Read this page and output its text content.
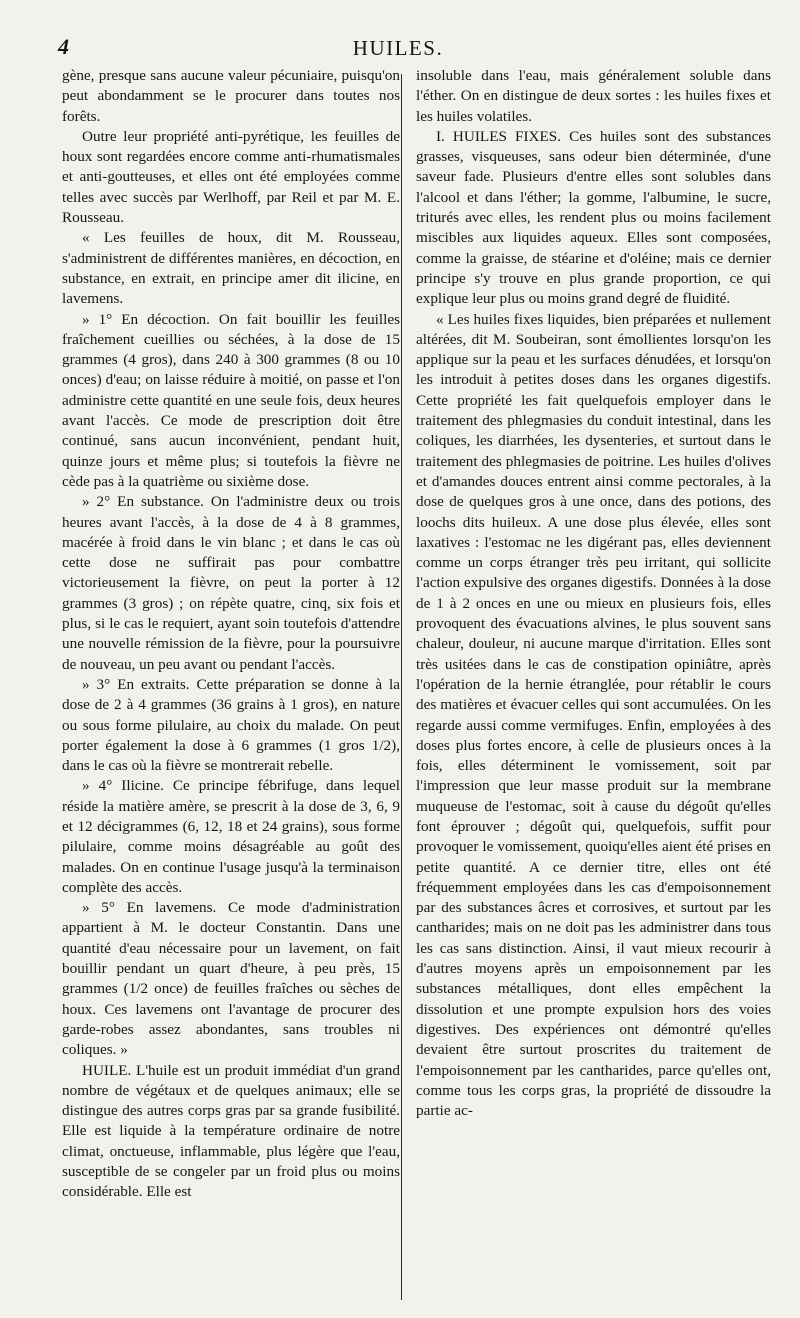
4	HUILES.

gène, presque sans aucune valeur pécuniaire, puisqu'on peut abondamment se le procurer dans toutes nos forêts.

Outre leur propriété anti-pyrétique, les feuilles de houx sont regardées encore comme anti-rhumatismales et anti-goutteuses, et elles ont été employées comme telles avec succès par Werlhoff, par Reil et par M. E. Rousseau.

« Les feuilles de houx, dit M. Rousseau, s'administrent de différentes manières, en décoction, en substance, en extrait, en principe amer dit ilicine, en lavemens.

» 1° En décoction. On fait bouillir les feuilles fraîchement cueillies ou séchées, à la dose de 15 grammes (4 gros), dans 240 à 300 grammes (8 ou 10 onces) d'eau; on laisse réduire à moitié, on passe et l'on administre cette quantité en une seule fois, deux heures avant l'accès. Ce mode de prescription doit être continué, sans aucun inconvénient, pendant huit, quinze jours et même plus; si toutefois la fièvre ne cède pas à la quatrième ou sixième dose.

» 2° En substance. On l'administre deux ou trois heures avant l'accès, à la dose de 4 à 8 grammes, macérée à froid dans le vin blanc ; et dans le cas où cette dose ne suffirait pas pour combattre victorieusement la fièvre, on peut la porter à 12 grammes (3 gros) ; on répète quatre, cinq, six fois et plus, si le cas le requiert, ayant soin toutefois d'attendre une nouvelle rémission de la fièvre, pour la poursuivre de nouveau, un peu avant ou pendant l'accès.

» 3° En extraits. Cette préparation se donne à la dose de 2 à 4 grammes (36 grains à 1 gros), en nature ou sous forme pilulaire, au choix du malade. On peut porter également la dose à 6 grammes (1 gros 1/2), dans le cas où la fièvre se montrerait rebelle.

» 4° Ilicine. Ce principe fébrifuge, dans lequel réside la matière amère, se prescrit à la dose de 3, 6, 9 et 12 décigrammes (6, 12, 18 et 24 grains), sous forme pilulaire, comme moins désagréable au goût des malades. On en continue l'usage jusqu'à la terminaison complète des accès.

» 5° En lavemens. Ce mode d'administration appartient à M. le docteur Constantin. Dans une quantité d'eau nécessaire pour un lavement, on fait bouillir pendant un quart d'heure, à peu près, 15 grammes (1/2 once) de feuilles fraîches ou sèches de houx. Ces lavemens ont l'avantage de procurer des garde-robes assez abondantes, sans troubles ni coliques. »

HUILE. L'huile est un produit immédiat d'un grand nombre de végétaux et de quelques animaux; elle se distingue des autres corps gras par sa grande fusibilité. Elle est liquide à la température ordinaire de notre climat, onctueuse, inflammable, plus légère que l'eau, susceptible de se congeler par un froid plus ou moins considérable. Elle est

insoluble dans l'eau, mais généralement soluble dans l'éther. On en distingue de deux sortes : les huiles fixes et les huiles volatiles.

I. HUILES FIXES. Ces huiles sont des substances grasses, visqueuses, sans odeur bien déterminée, d'une saveur fade. Plusieurs d'entre elles sont solubles dans l'alcool et dans l'éther; la gomme, l'albumine, le sucre, triturés avec elles, les rendent plus ou moins facilement miscibles aux liquides aqueux. Elles sont composées, comme la graisse, de stéarine et d'oléine; mais ce dernier principe s'y trouve en plus grande proportion, ce qui explique leur plus ou moins grand degré de fluidité.

« Les huiles fixes liquides, bien préparées et nullement altérées, dit M. Soubeiran, sont émollientes lorsqu'on les applique sur la peau et les surfaces dénudées, et lorsqu'on les introduit à petites doses dans les organes digestifs. Cette propriété les fait quelquefois employer dans le traitement des phlegmasies du conduit intestinal, dans les coliques, les diarrhées, les dysenteries, et surtout dans le traitement des phlegmasies de poitrine. Les huiles d'olives et d'amandes douces entrent ainsi comme pectorales, à la dose de quelques gros à une once, dans des potions, des loochs dits huileux. A une dose plus élevée, elles sont laxatives : l'estomac ne les digérant pas, elles deviennent comme un corps étranger très peu irritant, qui sollicite l'action expulsive des organes digestifs. Données à la dose de 1 à 2 onces en une ou mieux en plusieurs fois, elles provoquent des évacuations alvines, le plus souvent sans chaleur, douleur, ni aucune marque d'irritation. Elles sont très usitées dans le cas de constipation opiniâtre, après l'opération de la hernie étranglée, pour rétablir le cours des matières et évacuer celles qui sont accumulées. On les regarde aussi comme vermifuges. Enfin, employées à des doses plus fortes encore, à celle de plusieurs onces à la fois, elles déterminent le vomissement, soit par l'impression que leur masse produit sur la membrane muqueuse de l'estomac, soit à cause du dégoût qu'elles font éprouver ; dégoût qui, quelquefois, suffit pour provoquer le vomissement, quoiqu'elles aient été prises en petite quantité. A ce dernier titre, elles ont été fréquemment employées dans les cas d'empoisonnement par des substances âcres et corrosives, et surtout par les cantharides; mais on ne doit pas les administrer dans tous les cas sans distinction. Ainsi, il vaut mieux recourir à d'autres moyens après un empoisonnement par les substances métalliques, dont elles empêchent la dissolution et une prompte expulsion hors des voies digestives. Des expériences ont démontré qu'elles devaient être surtout proscrites du traitement de l'empoisonnement par les cantharides, parce qu'elles ont, comme tous les corps gras, la propriété de dissoudre la partie ac-
